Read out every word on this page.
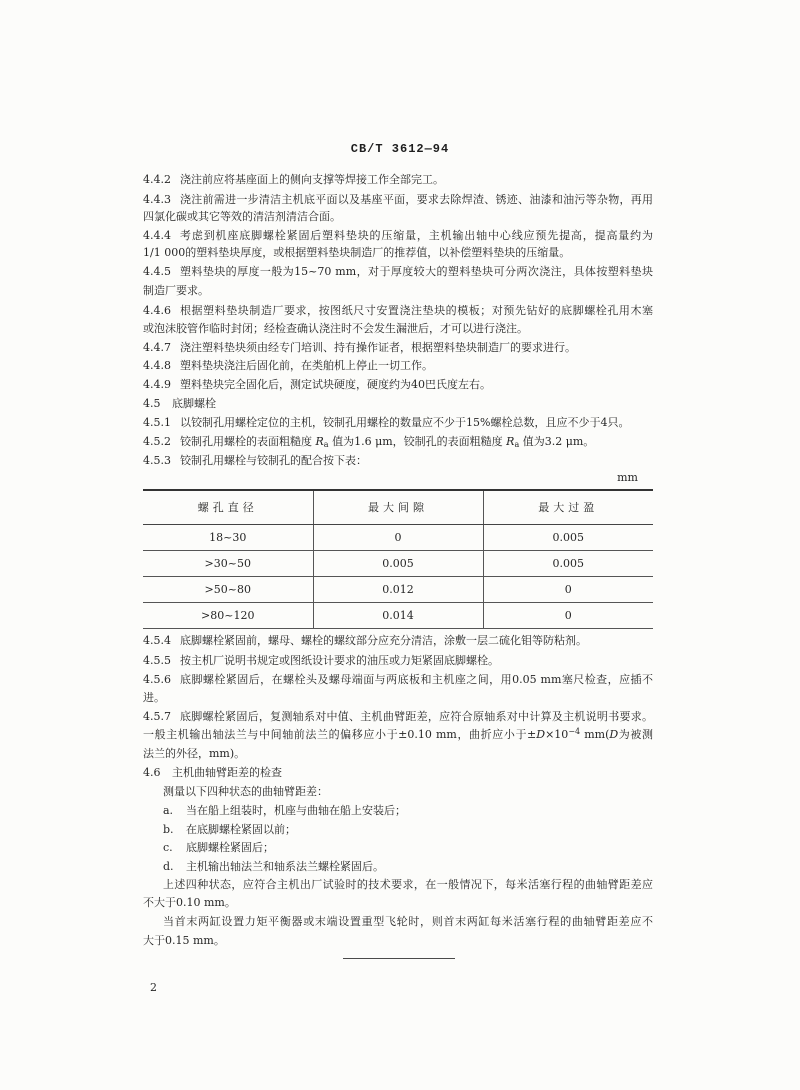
CB/T 3612—94
4.4.2 浇注前应将基座面上的侧向支撑等焊接工作全部完工。
4.4.3 浇注前需进一步清洁主机底平面以及基座平面，要求去除焊渣、锈迹、油漆和油污等杂物，再用
四氯化碳或其它等效的清洁剂清洁合面。
4.4.4 考虑到机座底脚螺栓紧固后塑料垫块的压缩量，主机输出轴中心线应预先提高，提高量约为
1/1 000的塑料垫块厚度，或根据塑料垫块制造厂的推荐值，以补偿塑料垫块的压缩量。
4.4.5 塑料垫块的厚度一般为15~70 mm，对于厚度较大的塑料垫块可分两次浇注，具体按塑料垫块
制造厂要求。
4.4.6 根据塑料垫块制造厂要求，按图纸尺寸安置浇注垫块的模板；对预先钻好的底脚螺栓孔用木塞
或泡沫胶管作临时封闭；经检查确认浇注时不会发生漏泄后，才可以进行浇注。
4.4.7 浇注塑料垫块须由经专门培训、持有操作证者，根据塑料垫块制造厂的要求进行。
4.4.8 塑料垫块浇注后固化前，在类舶机上停止一切工作。
4.4.9 塑料垫块完全固化后，测定试块硬度，硬度约为40巴氏度左右。
4.5	底脚螺栓
4.5.1 以铰制孔用螺栓定位的主机，铰制孔用螺栓的数量应不少于15%螺栓总数，且应不少于4只。
4.5.2 铰制孔用螺栓的表面粗糙度 $R_a$ 值为1.6 μm，铰制孔的表面粗糙度 $R_a$ 值为3.2 μm。
4.5.3 铰制孔用螺栓与铰制孔的配合按下表：
mm
螺孔直径	最大间隙	最大过盈
18~30	0	0.005
>30~50	0.005	0.005
>50~80	0.012	0
>80~120	0.014	0
4.5.4 底脚螺栓紧固前，螺母、螺栓的螺纹部分应充分清洁，涂敷一层二硫化钼等防粘剂。
4.5.5 按主机厂说明书规定或图纸设计要求的油压或力矩紧固底脚螺栓。
4.5.6 底脚螺栓紧固后，在螺栓头及螺母端面与两底板和主机座之间，用0.05 mm塞尺检查，应插不
进。
4.5.7 底脚螺栓紧固后，复测轴系对中值、主机曲臂距差，应符合原轴系对中计算及主机说明书要求。
一般主机输出轴法兰与中间轴前法兰的偏移应小于±0.10 mm，曲折应小于$\pm D\times 10^{-4}$ mm(D为被测
法兰的外径，mm)。
4.6	主机曲轴臂距差的检查
测量以下四种状态的曲轴臂距差：
a.	当在船上组装时，机座与曲轴在船上安装后；
b.	在底脚螺栓紧固以前；
c.	底脚螺栓紧固后；
d.	主机输出轴法兰和轴系法兰螺栓紧固后。
上述四种状态，应符合主机出厂试验时的技术要求，在一般情况下，每米活塞行程的曲轴臂距差应
不大于0.10 mm。
当首末两缸设置力矩平衡器或末端设置重型飞轮时，则首末两缸每米活塞行程的曲轴臂距差应不
大于0.15 mm。
2
